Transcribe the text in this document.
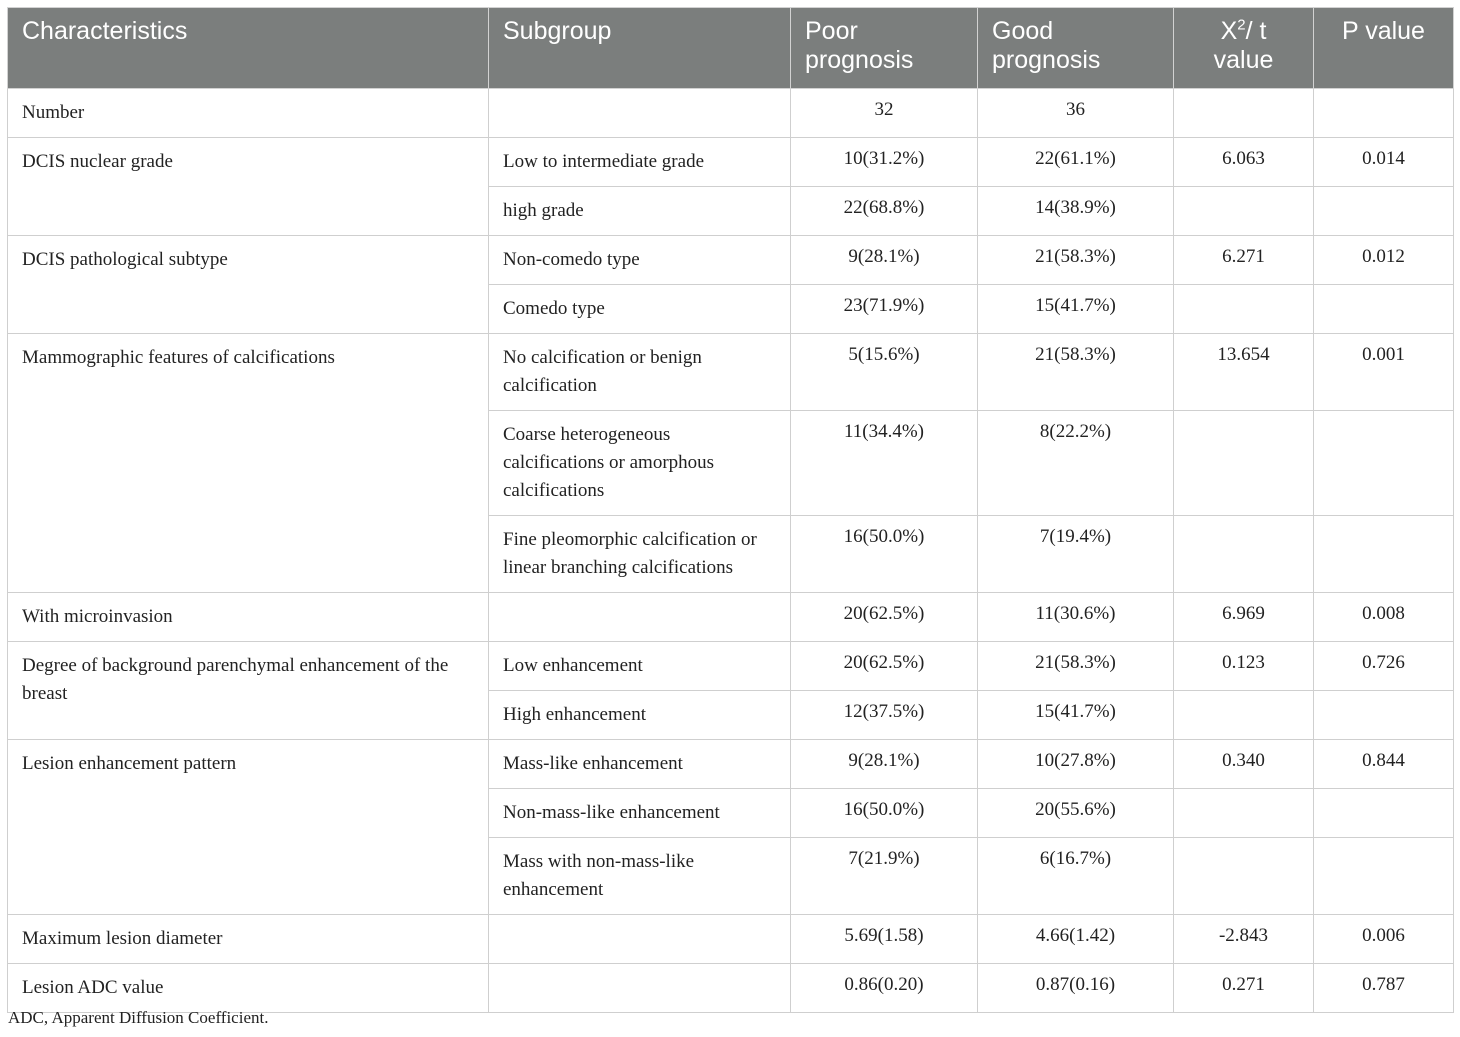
Characteristics	Subgroup	Poor prognosis	Good prognosis	$X^2/$ t value	P value
Number		32	36		
DCIS nuclear grade	Low to intermediate grade	10(31.2%)	22(61.1%)	6.063	0.014
	high grade	22(68.8%)	14(38.9%)		
DCIS pathological subtype	Non-comedo type	9(28.1%)	21(58.3%)	6.271	0.012
	Comedo type	23(71.9%)	15(41.7%)		
Mammographic features of calcifications	No calcification or benign calcification	5(15.6%)	21(58.3%)	13.654	0.001
	Coarse heterogeneous calcifications or amorphous calcifications	11(34.4%)	8(22.2%)		
	Fine pleomorphic calcification or linear branching calcifications	16(50.0%)	7(19.4%)		
With microinvasion		20(62.5%)	11(30.6%)	6.969	0.008
Degree of background parenchymal enhancement of the breast	Low enhancement	20(62.5%)	21(58.3%)	0.123	0.726
	High enhancement	12(37.5%)	15(41.7%)		
Lesion enhancement pattern	Mass-like enhancement	9(28.1%)	10(27.8%)	0.340	0.844
	Non-mass-like enhancement	16(50.0%)	20(55.6%)		
	Mass with non-mass-like enhancement	7(21.9%)	6(16.7%)		
Maximum lesion diameter		5.69(1.58)	4.66(1.42)	-2.843	0.006
Lesion ADC value		0.86(0.20)	0.87(0.16)	0.271	0.787
ADC, Apparent Diffusion Coefficient.
